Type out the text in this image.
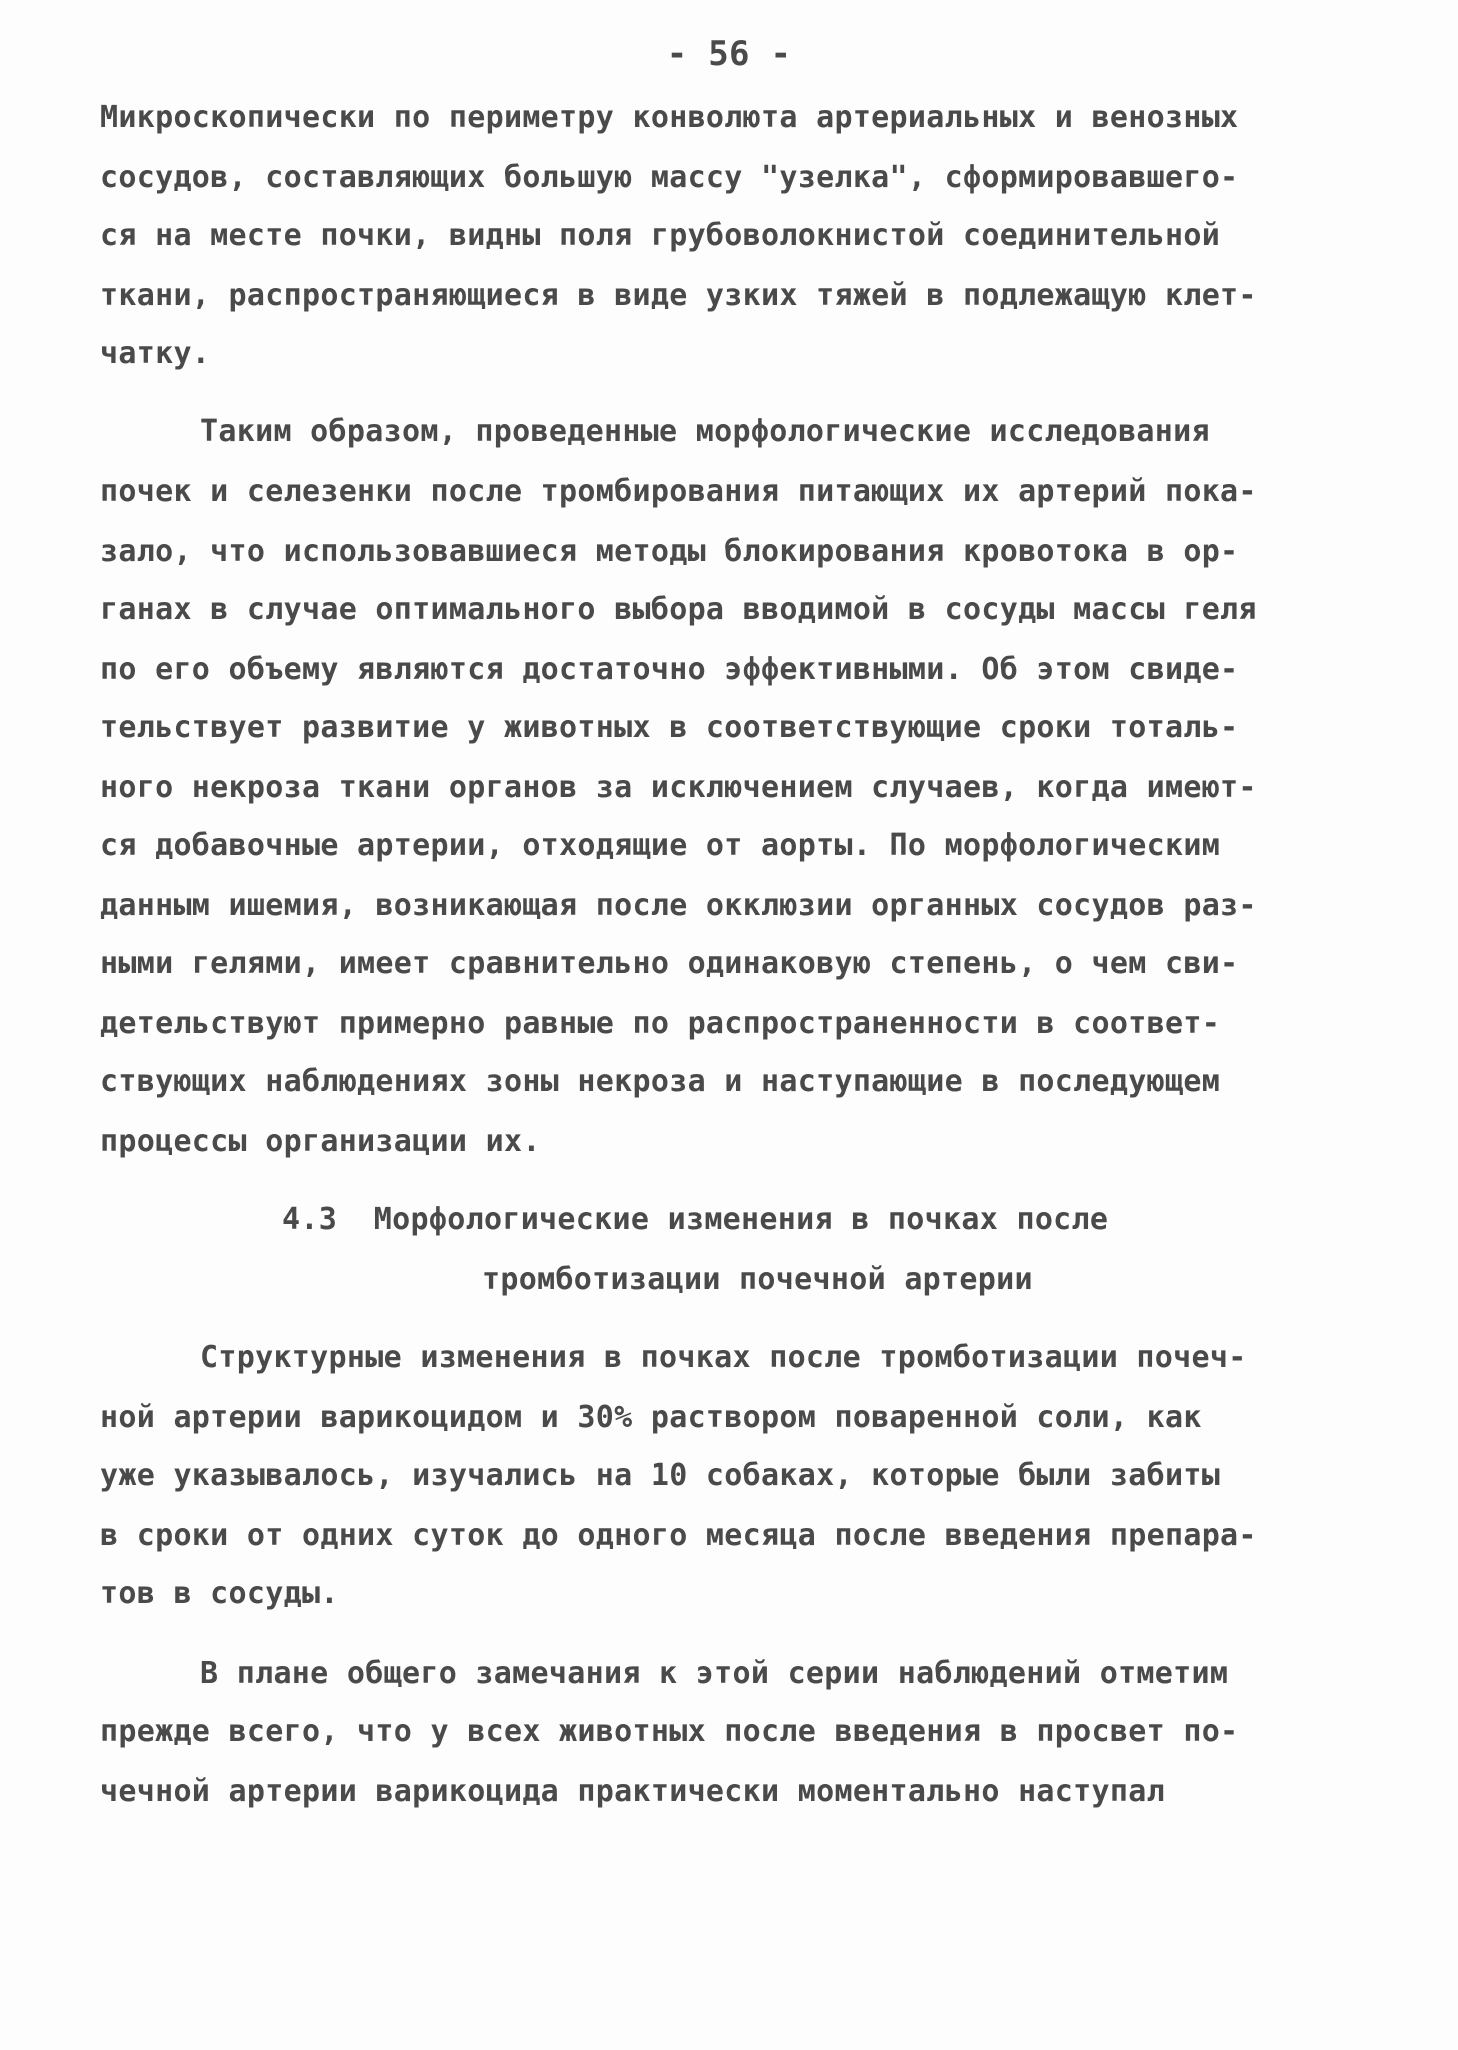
- 56 -
Микроскопически по периметру конволюта артериальных и венозных
сосудов, составляющих большую массу "узелка", сформировавшего-
ся на месте почки, видны поля грубоволокнистой соединительной
ткани, распространяющиеся в виде узких тяжей в подлежащую клет-
чатку.
Таким образом, проведенные морфологические исследования
почек и селезенки после тромбирования питающих их артерий пока-
зало, что использовавшиеся методы блокирования кровотока в ор-
ганах в случае оптимального выбора вводимой в сосуды массы геля
по его объему являются достаточно эффективными. Об этом свиде-
тельствует развитие у животных в соответствующие сроки тоталь-
ного некроза ткани органов за исключением случаев, когда имеют-
ся добавочные артерии, отходящие от аорты. По морфологическим
данным ишемия, возникающая после окклюзии органных сосудов раз-
ными гелями, имеет сравнительно одинаковую степень, о чем сви-
детельствуют примерно равные по распространенности в соответ-
ствующих наблюдениях зоны некроза и наступающие в последующем
процессы организации их.
4.3  Морфологические изменения в почках после
тромботизации почечной артерии
Структурные изменения в почках после тромботизации почеч-
ной артерии варикоцидом и 30% раствором поваренной соли, как
уже указывалось, изучались на 10 собаках, которые были забиты
в сроки от одних суток до одного месяца после введения препара-
тов в сосуды.
В плане общего замечания к этой серии наблюдений отметим
прежде всего, что у всех животных после введения в просвет по-
чечной артерии варикоцида практически моментально наступал
